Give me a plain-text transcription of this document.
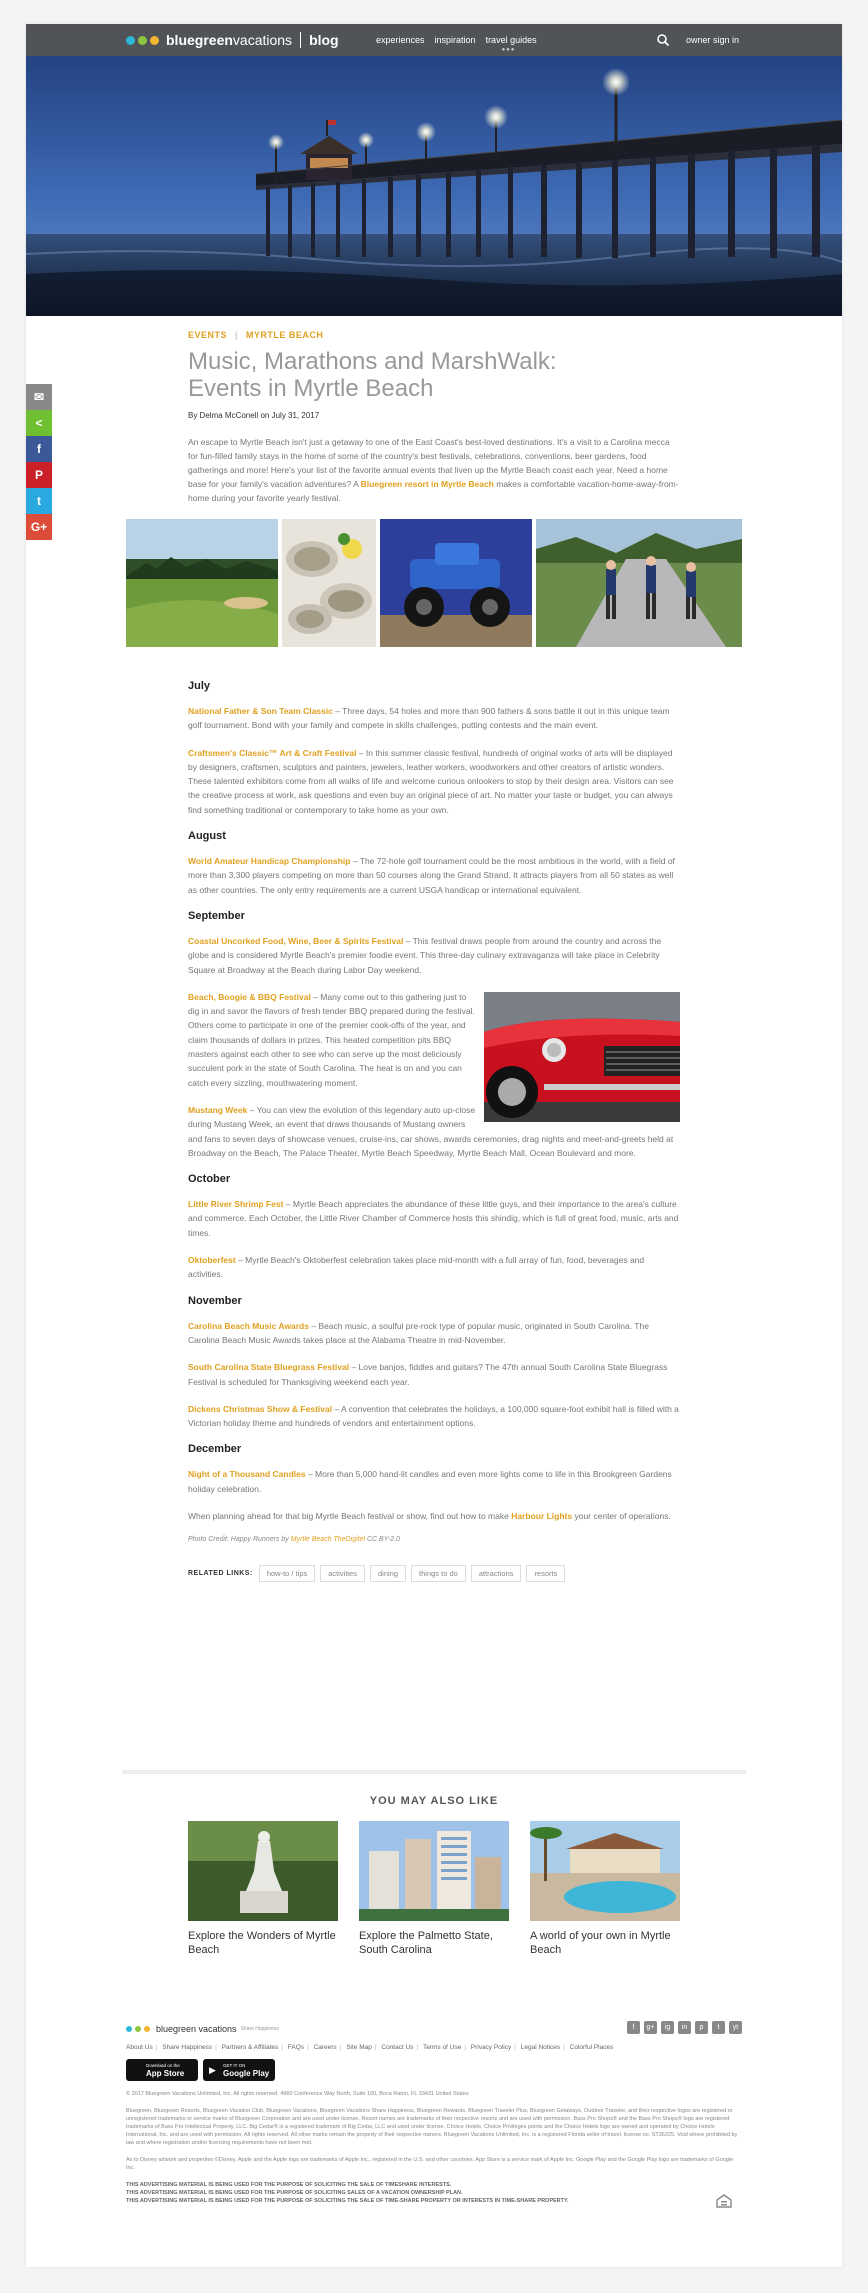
bluegreenvacations blog	experiences inspiration travel guides
●●●
owner sign in
✉
<
f
P
t
G+
EVENTS | MYRTLE BEACH
Music, Marathons and MarshWalk:
Events in Myrtle Beach
By Delma McConell on July 31, 2017

An escape to Myrtle Beach isn't just a getaway to one of the East Coast's best-loved destinations. It's a visit to a Carolina mecca for fun-filled family stays in the home of some of the country's best festivals, celebrations, conventions, beer gardens, food gatherings and more! Here's your list of the favorite annual events that liven up the Myrtle Beach coast each year. Need a home base for your family's vacation adventures? A Bluegreen resort in Myrtle Beach makes a comfortable vacation-home-away-from-home during your favorite yearly festival.

July

National Father & Son Team Classic – Three days, 54 holes and more than 900 fathers & sons battle it out in this unique team golf tournament. Bond with your family and compete in skills challenges, putting contests and the main event.

Craftsmen's Classic™ Art & Craft Festival – In this summer classic festival, hundreds of original works of arts will be displayed by designers, craftsmen, sculptors and painters, jewelers, leather workers, woodworkers and other creators of artistic wonders. These talented exhibitors come from all walks of life and welcome curious onlookers to stop by their design area. Visitors can see the creative process at work, ask questions and even buy an original piece of art. No matter your taste or budget, you can always find something traditional or contemporary to take home as your own.

August

World Amateur Handicap Championship – The 72-hole golf tournament could be the most ambitious in the world, with a field of more than 3,300 players competing on more than 50 courses along the Grand Strand. It attracts players from all 50 states as well as other countries. The only entry requirements are a current USGA handicap or international equivalent.

September

Coastal Uncorked Food, Wine, Beer & Spirits Festival – This festival draws people from around the country and across the globe and is considered Myrtle Beach's premier foodie event. This three-day culinary extravaganza will take place in Celebrity Square at Broadway at the Beach during Labor Day weekend.

Beach, Boogie & BBQ Festival – Many come out to this gathering just to dig in and savor the flavors of fresh tender BBQ prepared during the festival. Others come to participate in one of the premier cook-offs of the year, and claim thousands of dollars in prizes. This heated competition pits BBQ masters against each other to see who can serve up the most deliciously succulent pork in the state of South Carolina. The heat is on and you can catch every sizzling, mouthwatering moment.

Mustang Week – You can view the evolution of this legendary auto up-close during Mustang Week, an event that draws thousands of Mustang owners and fans to seven days of showcase venues, cruise-ins, car shows, awards ceremonies, drag nights and meet-and-greets held at Broadway on the Beach, The Palace Theater, Myrtle Beach Speedway, Myrtle Beach Mall, Ocean Boulevard and more.

October

Little River Shrimp Fest – Myrtle Beach appreciates the abundance of these little guys, and their importance to the area's culture and commerce. Each October, the Little River Chamber of Commerce hosts this shindig, which is full of great food, music, arts and times.

Oktoberfest – Myrtle Beach's Oktoberfest celebration takes place mid-month with a full array of fun, food, beverages and activities.

November

Carolina Beach Music Awards – Beach music, a soulful pre-rock type of popular music, originated in South Carolina. The Carolina Beach Music Awards takes place at the Alabama Theatre in mid-November.

South Carolina State Bluegrass Festival – Love banjos, fiddles and guitars? The 47th annual South Carolina State Bluegrass Festival is scheduled for Thanksgiving weekend each year.

Dickens Christmas Show & Festival – A convention that celebrates the holidays, a 100,000 square-foot exhibit hall is filled with a Victorian holiday theme and hundreds of vendors and entertainment options.

December

Night of a Thousand Candles – More than 5,000 hand-lit candles and even more lights come to life in this Brookgreen Gardens holiday celebration.

When planning ahead for that big Myrtle Beach festival or show, find out how to make Harbour Lights your center of operations.

Photo Credit: Happy Runners by Myrtle Beach TheDigitel CC BY-2.0

RELATED LINKS:	how-to / tips	activities	dining	things to do	attractions	resorts
YOU MAY ALSO LIKE
Explore the Wonders of Myrtle Beach
Explore the Palmetto State, South Carolina
A world of your own in Myrtle Beach
bluegreen vacations Share Happiness	f	g+	ig	in	p	t	yt
About Us | Share Happiness | Partners & Affiliates | FAQs | Careers | Site Map | Contact Us | Terms of Use | Privacy Policy | Legal Notices | Colorful Places
Download on the
App Store	▶ GET IT ON
Google Play

© 2017 Bluegreen Vacations Unlimited, Inc. All rights reserved. 4960 Conference Way North, Suite 100, Boca Raton, FL 33431 United States

Bluegreen, Bluegreen Resorts, Bluegreen Vacation Club, Bluegreen Vacations, Bluegreen Vacations Share Happiness, Bluegreen Rewards, Bluegreen Traveler Plus, Bluegreen Getaways, Outdoor Traveler, and their respective logos are registered or unregistered trademarks or service marks of Bluegreen Corporation and are used under license. Resort names are trademarks of their respective resorts and are used with permission. Bass Pro Shops® and the Bass Pro Shops® logo are registered trademarks of Bass Pro Intellectual Property, LLC. Big Cedar® is a registered trademark of Big Cedar, LLC and used under license. Choice Hotels, Choice Privileges points and the Choice Hotels logo are owned and operated by Choice Hotels International, Inc. and are used with permission. All rights reserved. All other marks remain the property of their respective owners. Bluegreen Vacations Unlimited, Inc. is a registered Florida seller of travel, license no. ST36225. Void where prohibited by law and where registration and/or licensing requirements have not been met.

As to Disney artwork and properties ©Disney. Apple and the Apple logo are trademarks of Apple Inc., registered in the U.S. and other countries. App Store is a service mark of Apple Inc. Google Play and the Google Play logo are trademarks of Google Inc.

THIS ADVERTISING MATERIAL IS BEING USED FOR THE PURPOSE OF SOLICITING THE SALE OF TIMESHARE INTERESTS.

THIS ADVERTISING MATERIAL IS BEING USED FOR THE PURPOSE OF SOLICITING SALES OF A VACATION OWNERSHIP PLAN.

THIS ADVERTISING MATERIAL IS BEING USED FOR THE PURPOSE OF SOLICITING THE SALE OF TIME-SHARE PROPERTY OR INTERESTS IN TIME-SHARE PROPERTY.
